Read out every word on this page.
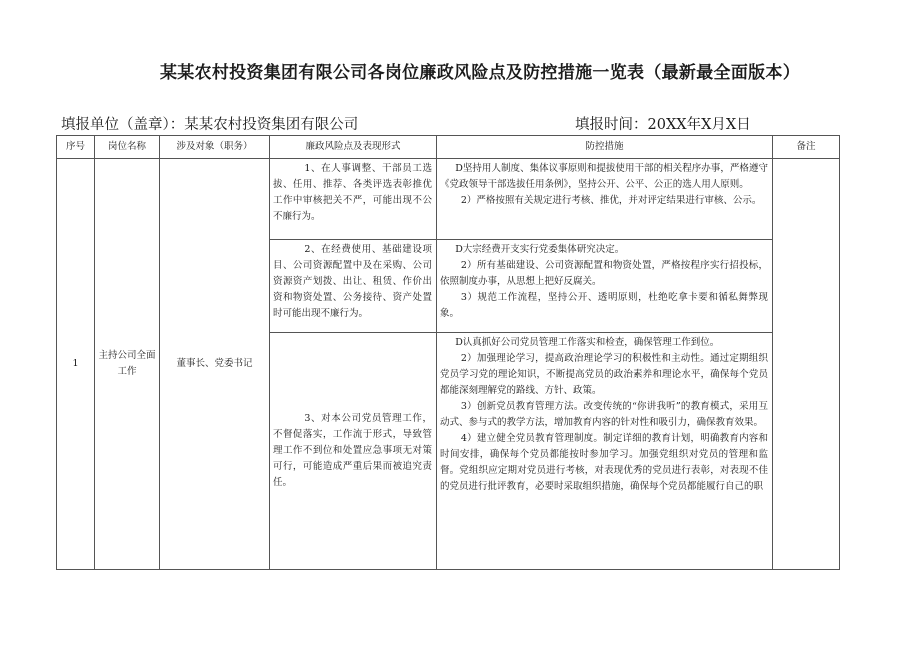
某某农村投资集团有限公司各岗位廉政风险点及防控措施一览表（最新最全面版本）
填报单位（盖章）：某某农村投资集团有限公司	填报时间：20XX年X月X日
序号	岗位名称	涉及对象（职务）	廉政风险点及表现形式	防控措施	备注
1	主持公司全面工作	董事长、党委书记	1、在人事调整、干部员工选拔、任用、推荐、各类评选表彰推优工作中审核把关不严，可能出现不公不廉行为。	D坚持用人制度、集体议事原则和提拔使用干部的相关程序办事，严格遵守《党政领导干部选拔任用条例》，坚持公开、公平、公正的选人用人原则。

2）严格按照有关规定进行考核、推优，并对评定结果进行审核、公示。	

			2、在经费使用、基础建设项目、公司资源配置中及在采购、公司资源资产划拨、出让、租赁、作价出资和物资处置、公务接待、资产处置时可能出现不廉行为。	D大宗经费开支实行党委集体研究决定。

2）所有基础建设、公司资源配置和物资处置，严格按程序实行招投标，依照制度办事，从思想上把好反腐关。

3）规范工作流程，坚持公开、透明原则，杜绝吃拿卡要和循私舞弊现象。	

			3、对本公司党员管理工作，不督促落实，工作流于形式，导致管理工作不到位和处置应急事项无对策可行，可能造成严重后果而被追究责任。	D认真抓好公司党员管理工作落实和检查，确保管理工作到位。

2）加强理论学习，提高政治理论学习的积极性和主动性。通过定期组织党员学习党的理论知识，不断提高党员的政治素养和理论水平，确保每个党员都能深刻理解党的路线、方针、政策。

3）创新党员教育管理方法。改变传统的“你讲我听”的教育模式，采用互动式、参与式的教学方法，增加教育内容的针对性和吸引力，确保教育效果。

4）建立健全党员教育管理制度。制定详细的教育计划，明确教育内容和时间安排，确保每个党员都能按时参加学习。加强党组织对党员的管理和监督。党组织应定期对党员进行考核，对表现优秀的党员进行表彰，对表现不佳的党员进行批评教育，必要时采取组织措施，确保每个党员都能履行自己的职	
